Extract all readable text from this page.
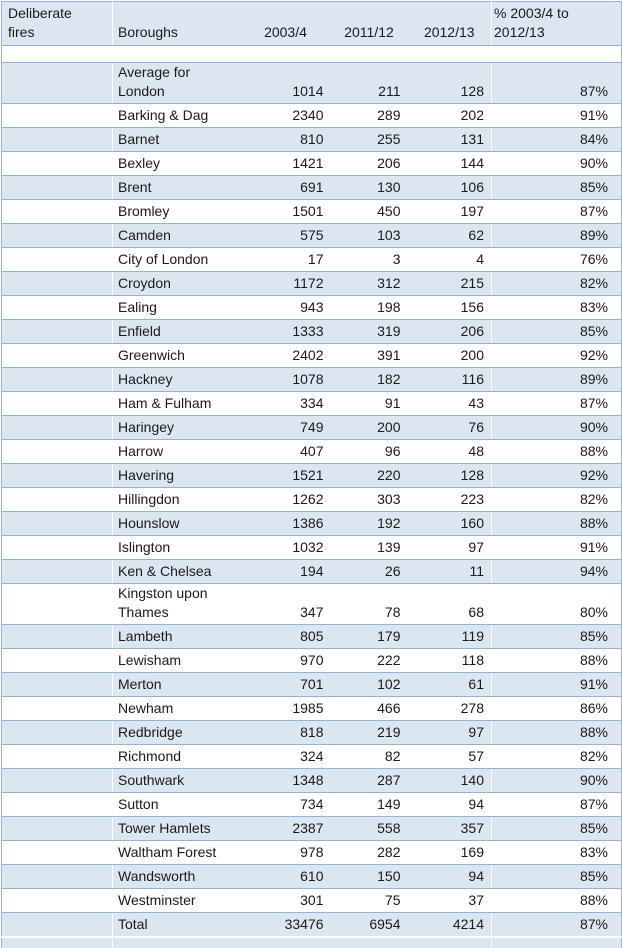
Deliberate fires	Boroughs	2003/4	2011/12	2012/13	% 2003/4 to 2012/13

	Average for London	1014	211	128	87%
	Barking & Dag	2340	289	202	91%
	Barnet	810	255	131	84%
	Bexley	1421	206	144	90%
	Brent	691	130	106	85%
	Bromley	1501	450	197	87%
	Camden	575	103	62	89%
	City of London	17	3	4	76%
	Croydon	1172	312	215	82%
	Ealing	943	198	156	83%
	Enfield	1333	319	206	85%
	Greenwich	2402	391	200	92%
	Hackney	1078	182	116	89%
	Ham & Fulham	334	91	43	87%
	Haringey	749	200	76	90%
	Harrow	407	96	48	88%
	Havering	1521	220	128	92%
	Hillingdon	1262	303	223	82%
	Hounslow	1386	192	160	88%
	Islington	1032	139	97	91%
	Ken & Chelsea	194	26	11	94%
	Kingston upon Thames	347	78	68	80%
	Lambeth	805	179	119	85%
	Lewisham	970	222	118	88%
	Merton	701	102	61	91%
	Newham	1985	466	278	86%
	Redbridge	818	219	97	88%
	Richmond	324	82	57	82%
	Southwark	1348	287	140	90%
	Sutton	734	149	94	87%
	Tower Hamlets	2387	558	357	85%
	Waltham Forest	978	282	169	83%
	Wandsworth	610	150	94	85%
	Westminster	301	75	37	88%
	Total	33476	6954	4214	87%
